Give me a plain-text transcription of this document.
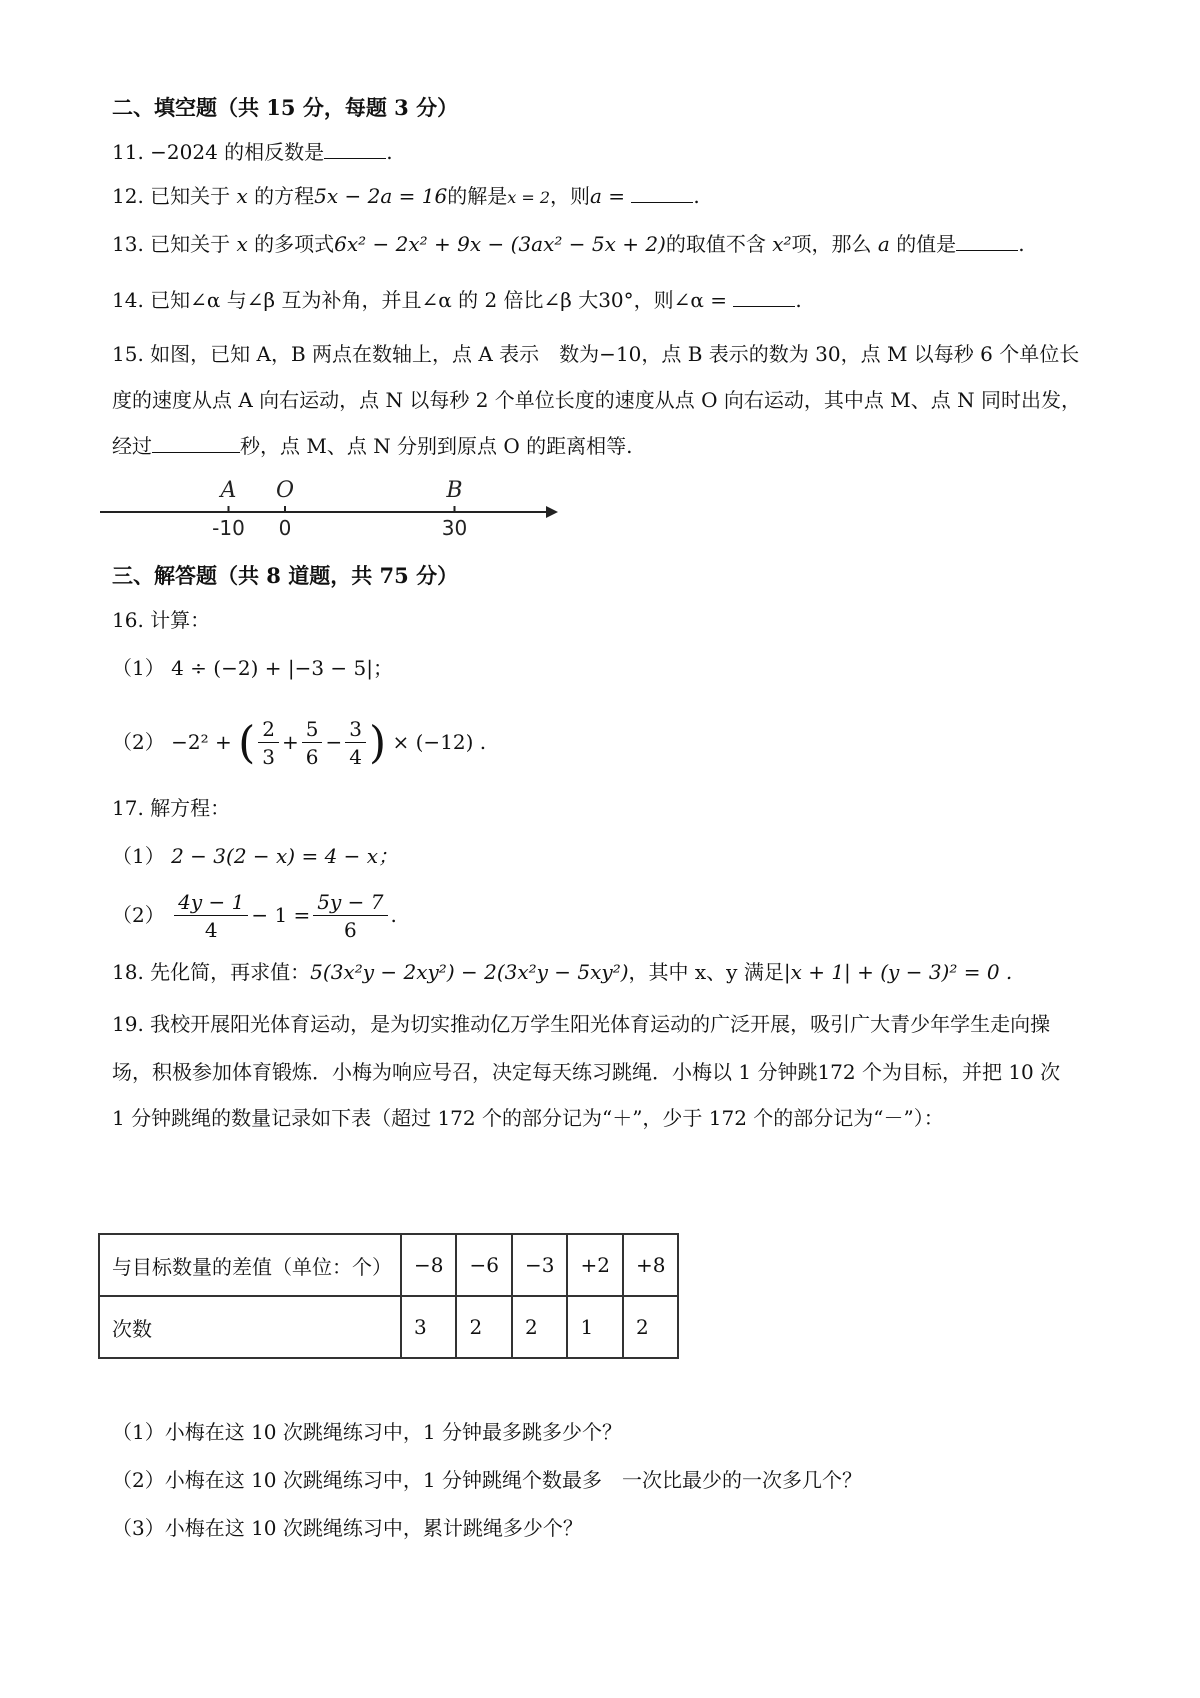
二、填空题（共 15 分，每题 3 分）
11. −2024 的相反数是	.
12. 已知关于 x 的方程5x − 2a = 16的解是x = 2，则a =	.
13. 已知关于 x 的多项式6x² − 2x² + 9x − (3ax² − 5x + 2)的取值不含 x²项，那么 a 的值是	.
14. 已知∠α 与∠β 互为补角，并且∠α 的 2 倍比∠β 大30°，则∠α =	.
15. 如图，已知 A，B 两点在数轴上，点 A 表示　数为−10，点 B 表示的数为 30，点 M 以每秒 6 个单位长
度的速度从点 A 向右运动，点 N 以每秒 2 个单位长度的速度从点 O 向右运动，其中点 M、点 N 同时出发，
经过	秒，点 M、点 N 分别到原点 O 的距离相等.
A
-10
O
0
B
30
三、解答题（共 8 道题，共 75 分）
16. 计算：
（1） 4 ÷ (−2) + |−3 − 5|；
（2） −2² + ( $\frac{2}{3} + \frac{5}{6} - \frac{3}{4}$ ) × (−12) .
17. 解方程：
（1） 2 − 3(2 − x) = 4 − x；
$(2) \frac{4y - 1}{4} - 1 = \frac{5y - 7}{6}$ .
18. 先化简，再求值：5(3x²y − 2xy²) − 2(3x²y − 5xy²)，其中 x、y 满足|x + 1| + (y − 3)² = 0 .
19. 我校开展阳光体育运动，是为切实推动亿万学生阳光体育运动的广泛开展，吸引广大青少年学生走向操
场，积极参加体育锻炼．小梅为响应号召，决定每天练习跳绳．小梅以 1 分钟跳172 个为目标，并把 10 次
1 分钟跳绳的数量记录如下表（超过 172 个的部分记为“＋”，少于 172 个的部分记为“－”）：
与目标数量的差值（单位：个）	−8	−6	−3	+2	+8
次数	3	2	2	1	2
（1）小梅在这 10 次跳绳练习中，1 分钟最多跳多少个？
（2）小梅在这 10 次跳绳练习中，1 分钟跳绳个数最多　一次比最少的一次多几个？
（3）小梅在这 10 次跳绳练习中，累计跳绳多少个？
